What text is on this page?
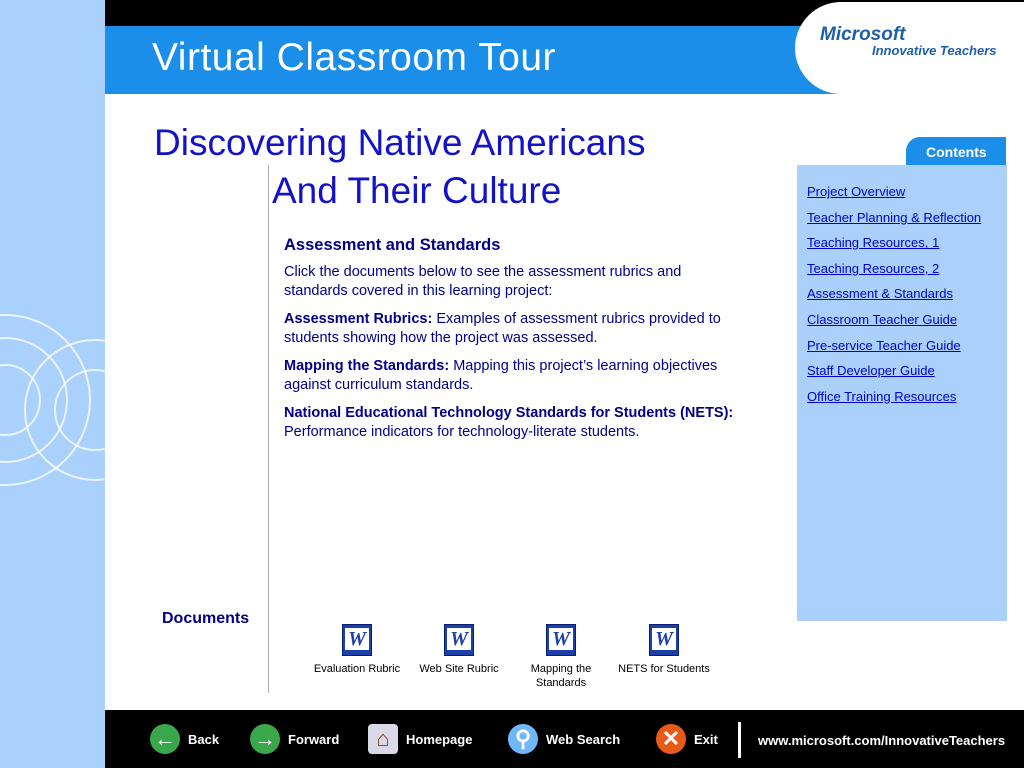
Virtual Classroom Tour
Microsoft
Innovative Teachers
Discovering Native Americans
And Their Culture
Assessment and Standards

Click the documents below to see the assessment rubrics and standards covered in this learning project:

Assessment Rubrics: Examples of assessment rubrics provided to students showing how the project was assessed.

Mapping the Standards: Mapping this project’s learning objectives against curriculum standards.

National Educational Technology Standards for Students (NETS): Performance indicators for technology-literate students.

Contents
Project Overview
Teacher Planning & Reflection
Teaching Resources, 1
Teaching Resources, 2
Assessment & Standards
Classroom Teacher Guide
Pre-service Teacher Guide
Staff Developer Guide
Office Training Resources
Documents
W
Evaluation Rubric
W
Web Site Rubric
W
Mapping the Standards
W
NETS for Students
← Back → Forward	⌂	Homepage	⚲	Web Search ✕	Exit	www.microsoft.com/InnovativeTeachers
